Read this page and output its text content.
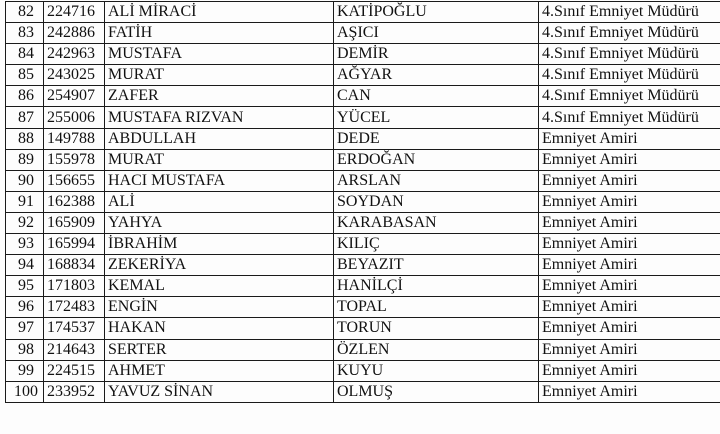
82	224716	ALİ MİRACİ	KATİPOĞLU	4.Sınıf Emniyet Müdürü
83	242886	FATİH	AŞICI	4.Sınıf Emniyet Müdürü
84	242963	MUSTAFA	DEMİR	4.Sınıf Emniyet Müdürü
85	243025	MURAT	AĞYAR	4.Sınıf Emniyet Müdürü
86	254907	ZAFER	CAN	4.Sınıf Emniyet Müdürü
87	255006	MUSTAFA RIZVAN	YÜCEL	4.Sınıf Emniyet Müdürü
88	149788	ABDULLAH	DEDE	Emniyet Amiri
89	155978	MURAT	ERDOĞAN	Emniyet Amiri
90	156655	HACI MUSTAFA	ARSLAN	Emniyet Amiri
91	162388	ALİ	SOYDAN	Emniyet Amiri
92	165909	YAHYA	KARABASAN	Emniyet Amiri
93	165994	İBRAHİM	KILIÇ	Emniyet Amiri
94	168834	ZEKERİYA	BEYAZIT	Emniyet Amiri
95	171803	KEMAL	HANİLÇİ	Emniyet Amiri
96	172483	ENGİN	TOPAL	Emniyet Amiri
97	174537	HAKAN	TORUN	Emniyet Amiri
98	214643	SERTER	ÖZLEN	Emniyet Amiri
99	224515	AHMET	KUYU	Emniyet Amiri
100	233952	YAVUZ SİNAN	OLMUŞ	Emniyet Amiri
